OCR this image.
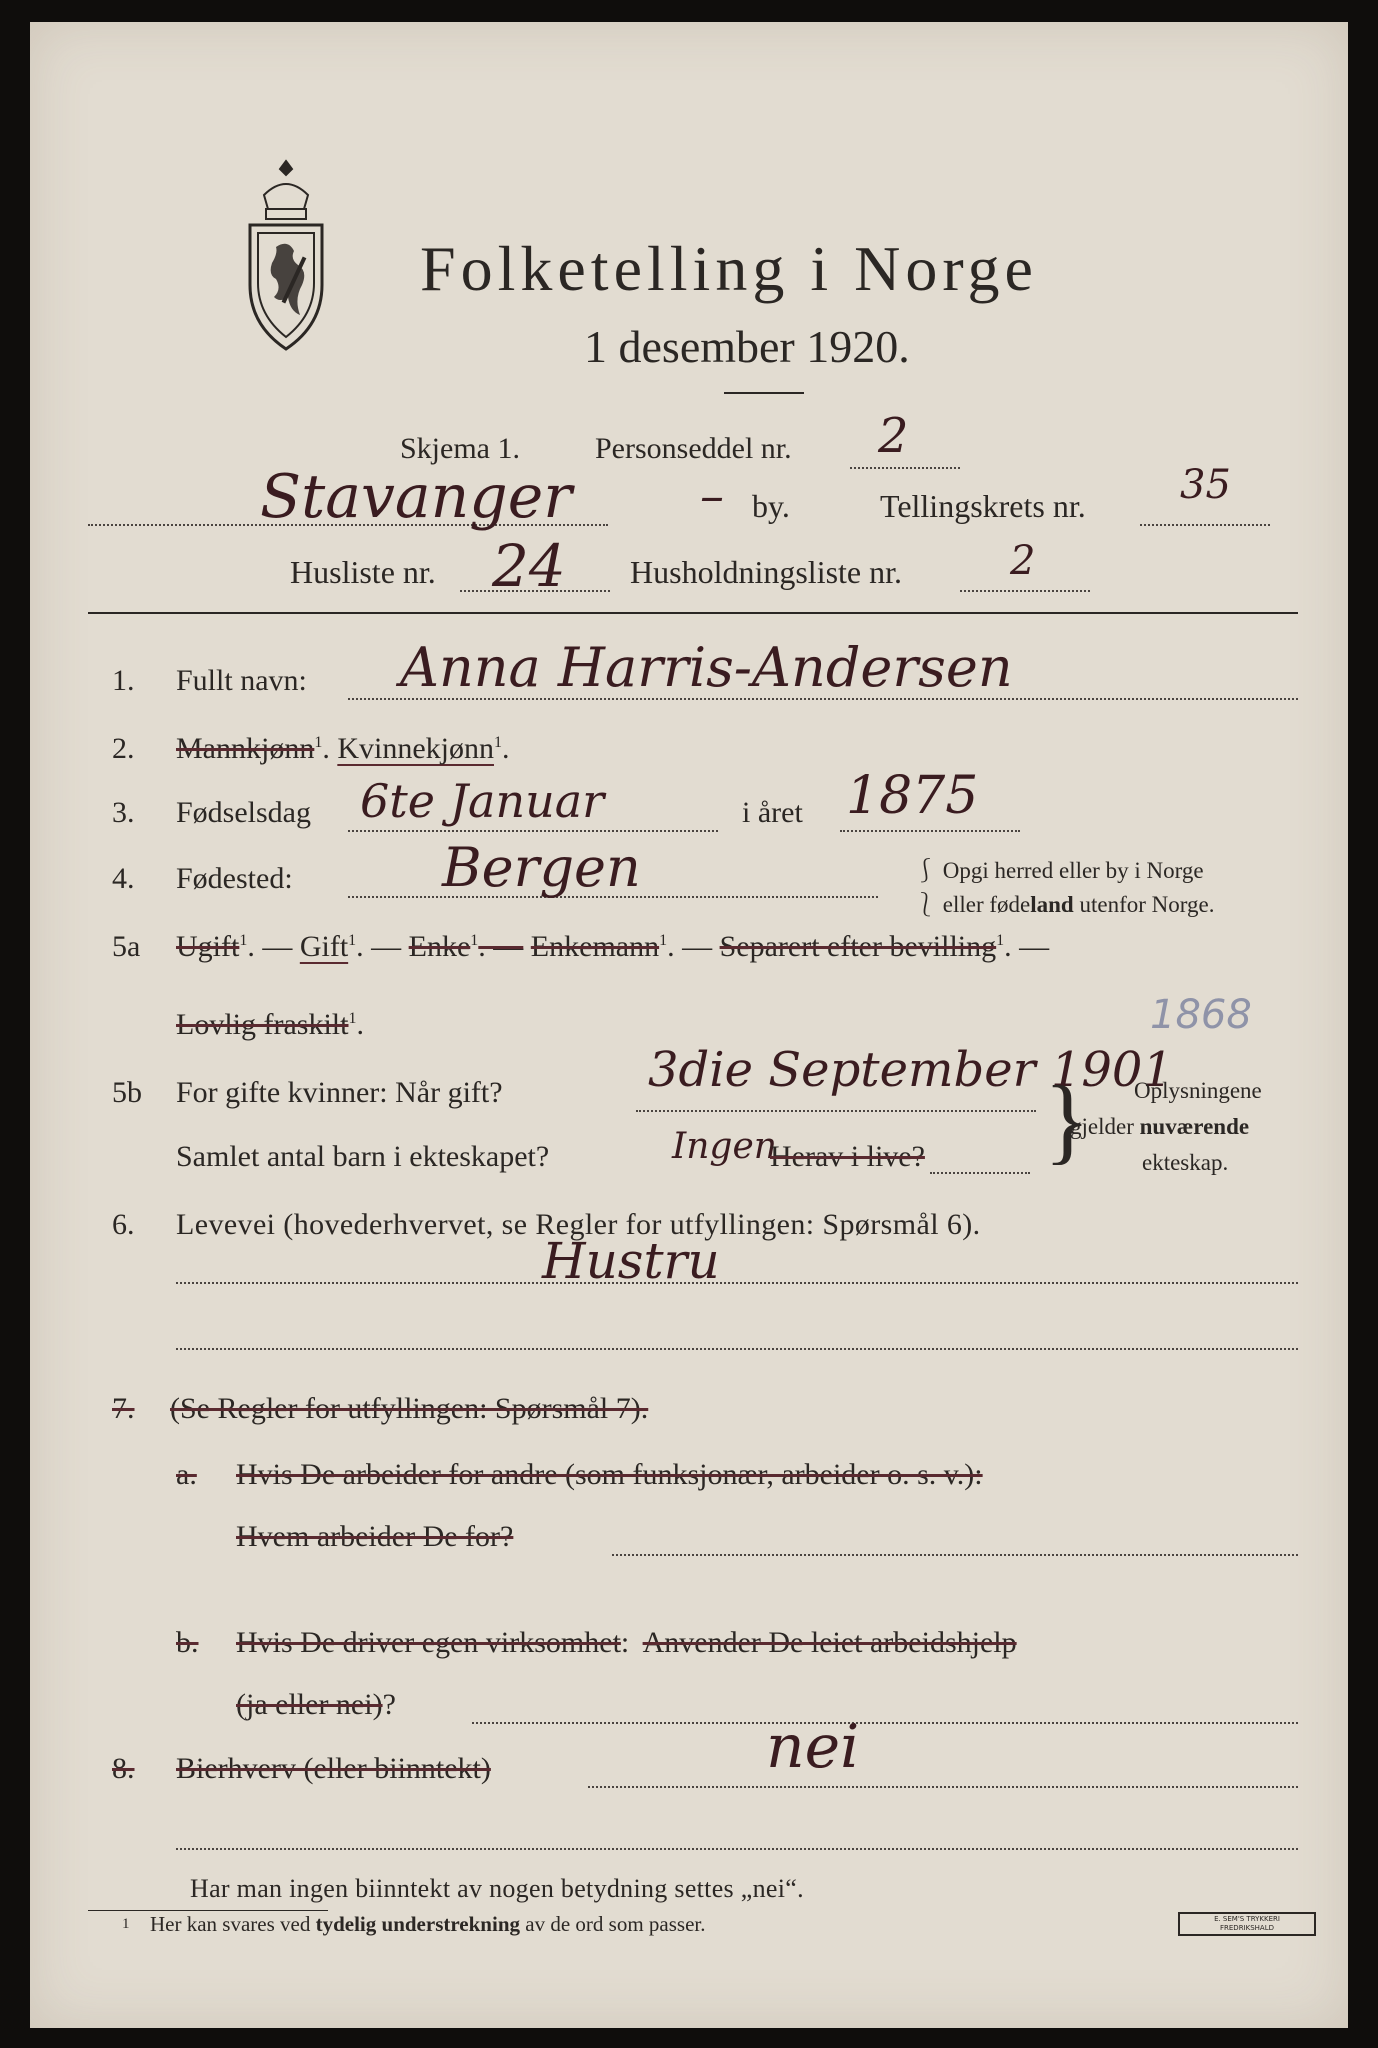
Folketelling i Norge
1 desember 1920.
Skjema 1.	Personseddel nr. 2
Stavanger	– by.	Tellingskrets nr. 35
Husliste nr. 24 Husholdningsliste nr.	2
1. Fullt navn: Anna Harris-Andersen
2. Mannkjønn$^1$. Kvinnekjønn$^1$.
3. Fødselsdag 6te Januar	i året 1875
4. Fødested:	Bergen	⎰ Opgi herred eller by i Norge
⎱ eller fødeland utenfor Norge.
5a Ugift$^1$. — Gift$^1$. — Enke$^1$. — Enkemann$^1$. — Separert efter bevilling$^1$. —
Lovlig fraskilt$^1$.	1868
5b For gifte kvinner: Når gift?	3die September 1901
Samlet antal barn i ekteskapet?	Ingen
Herav i live? } Oplysningene
gjelder nuværende
ekteskap.
6. Levevei (hovederhvervet, se Regler for utfyllingen: Spørsmål 6).
Hustru
7. (Se Regler for utfyllingen: Spørsmål 7).
a. Hvis De arbeider for andre (som funksjonær, arbeider o. s. v.):
Hvem arbeider De for?
b. Hvis De driver egen virksomhet:  Anvender De leiet arbeidshjelp
(ja eller nei)?
8. Bierhverv (eller biinntekt)	nei
Har man ingen biinntekt av nogen betydning settes „nei“.
1 Her kan svares ved tydelig understrekning av de ord som passer.	E. SEM'S TRYKKERI
FREDRIKSHALD
